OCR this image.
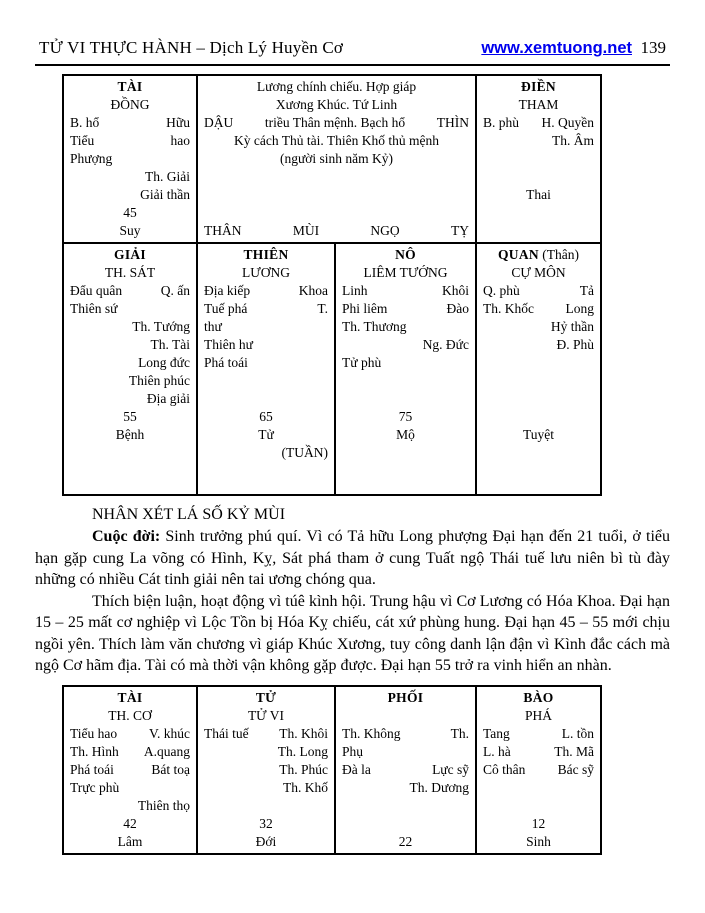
TỬ VI THỰC HÀNH – Dịch Lý Huyền Cơ	www.xemtuong.net 139
TÀI
ĐỒNG
B. hổ	Hữu
Tiểu	hao
Phượng
Th. Giải
Giải thần
45
Suy
Lương chính chiếu. Hợp giáp
Xương Khúc. Tứ Linh
DẬU	triều Thân mệnh. Bạch hổ	THÌN
Kỳ cách Thủ tài. Thiên Khố thủ mệnh
(người sinh năm Kỷ)
THÂN	MÙI	NGỌ	TỴ
ĐIỀN
THAM
B. phù H. Quyền
Th. Âm
Thai
GIẢI
TH. SÁT
Đẩu quân	Q. ấn
Thiên sứ
Th. Tướng
Th. Tài
Long đức
Thiên phúc
Địa giải
55
Bệnh
THIÊN
LƯƠNG
Địa kiếp	Khoa
Tuế phá	T.
thư
Thiên hư
Phá toái
65
Tử
(TUẦN)
NÔ
LIÊM TƯỚNG
Linh	Khôi
Phi liêm	Đào
Th. Thương
Ng. Đức
Tử phù
75
Mộ
QUAN (Thân)
CỰ MÔN
Q. phù	Tả
Th. Khốc Long
Hỷ thần
Đ. Phù
Tuyệt
NHÂN XÉT LÁ SỐ KỶ MÙI

Cuộc đời: Sinh trưởng phú quí. Vì có Tả hữu Long phượng Đại hạn đến 21 tuổi, ở tiểu hạn gặp cung La võng có Hình, Kỵ, Sát phá tham ở cung Tuất ngộ Thái tuế lưu niên bì tù đày những có nhiều Cát tinh giải nên tai ương chóng qua.

Thích biện luận, hoạt động vì túê kình hội. Trung hậu vì Cơ Lương có Hóa Khoa. Đại hạn 15 – 25 mất cơ nghiệp vì Lộc Tồn bị Hóa Kỵ chiếu, cát xứ phùng hung. Đại hạn 45 – 55 mới chịu ngồi yên. Thích làm văn chương vì giáp Khúc Xương, tuy công danh lận đận vì Kình đắc cách mà ngộ Cơ hãm địa. Tài có mà thời vận không gặp được. Đại hạn 55 trở ra vinh hiển an nhàn.

TÀI
TH. CƠ
Tiểu hao V. khúc
Th. Hình A.quang
Phá toái	Bát toạ
Trực phù
Thiên thọ
42
Lâm
TỬ
TỬ VI
Thái tuế Th. Khôi
Th. Long
Th. Phúc
Th. Khố
32
Đới
PHỐI
Th. Không	Th.
Phụ
Đà la	Lực sỹ
Th. Dương
22
BÀO
PHÁ
Tang	L. tồn
L. hà	Th. Mã
Cô thân Bác sỹ
12
Sinh
